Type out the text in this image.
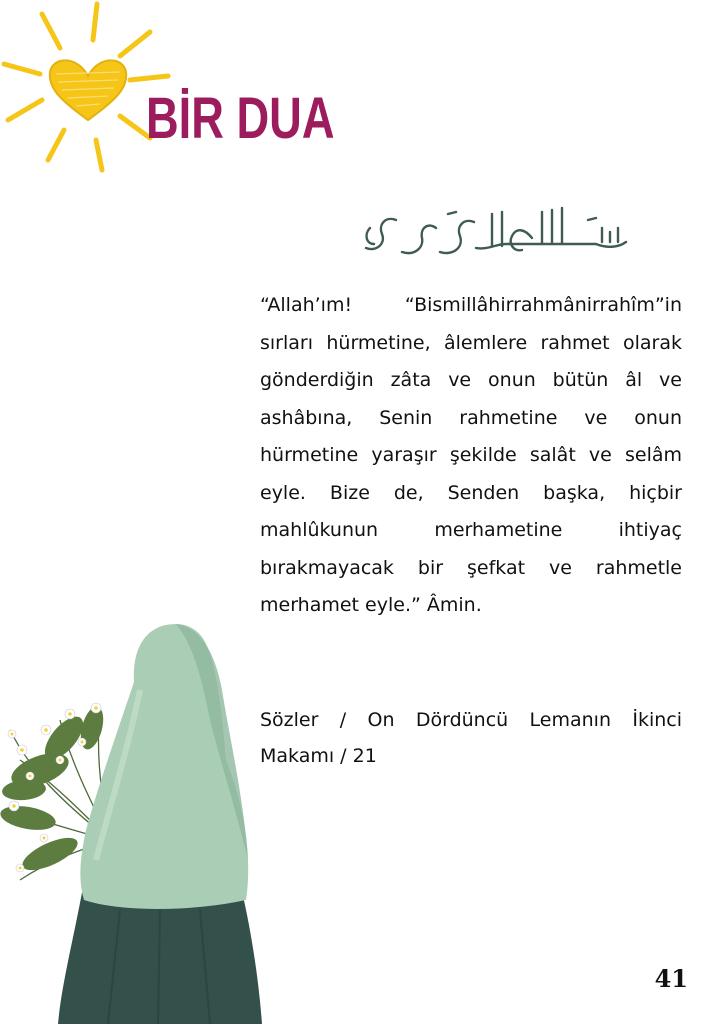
BİR DUA

“Allah’ım! “Bismillâhirrahmânirrahîm”in sırları hürmetine, âlemlere rahmet olarak gönderdiğin zâta ve onun bütün âl ve ashâbına, Senin rahmetine ve onun hürmetine yaraşır şekilde salât ve selâm eyle. Bize de, Senden başka, hiçbir mahlûkunun merhametine ihtiyaç bırakmayacak bir şefkat ve rahmetle merhamet eyle.” Âmin.

Sözler / On Dördüncü Lemanın İkinci Makamı / 21

41
